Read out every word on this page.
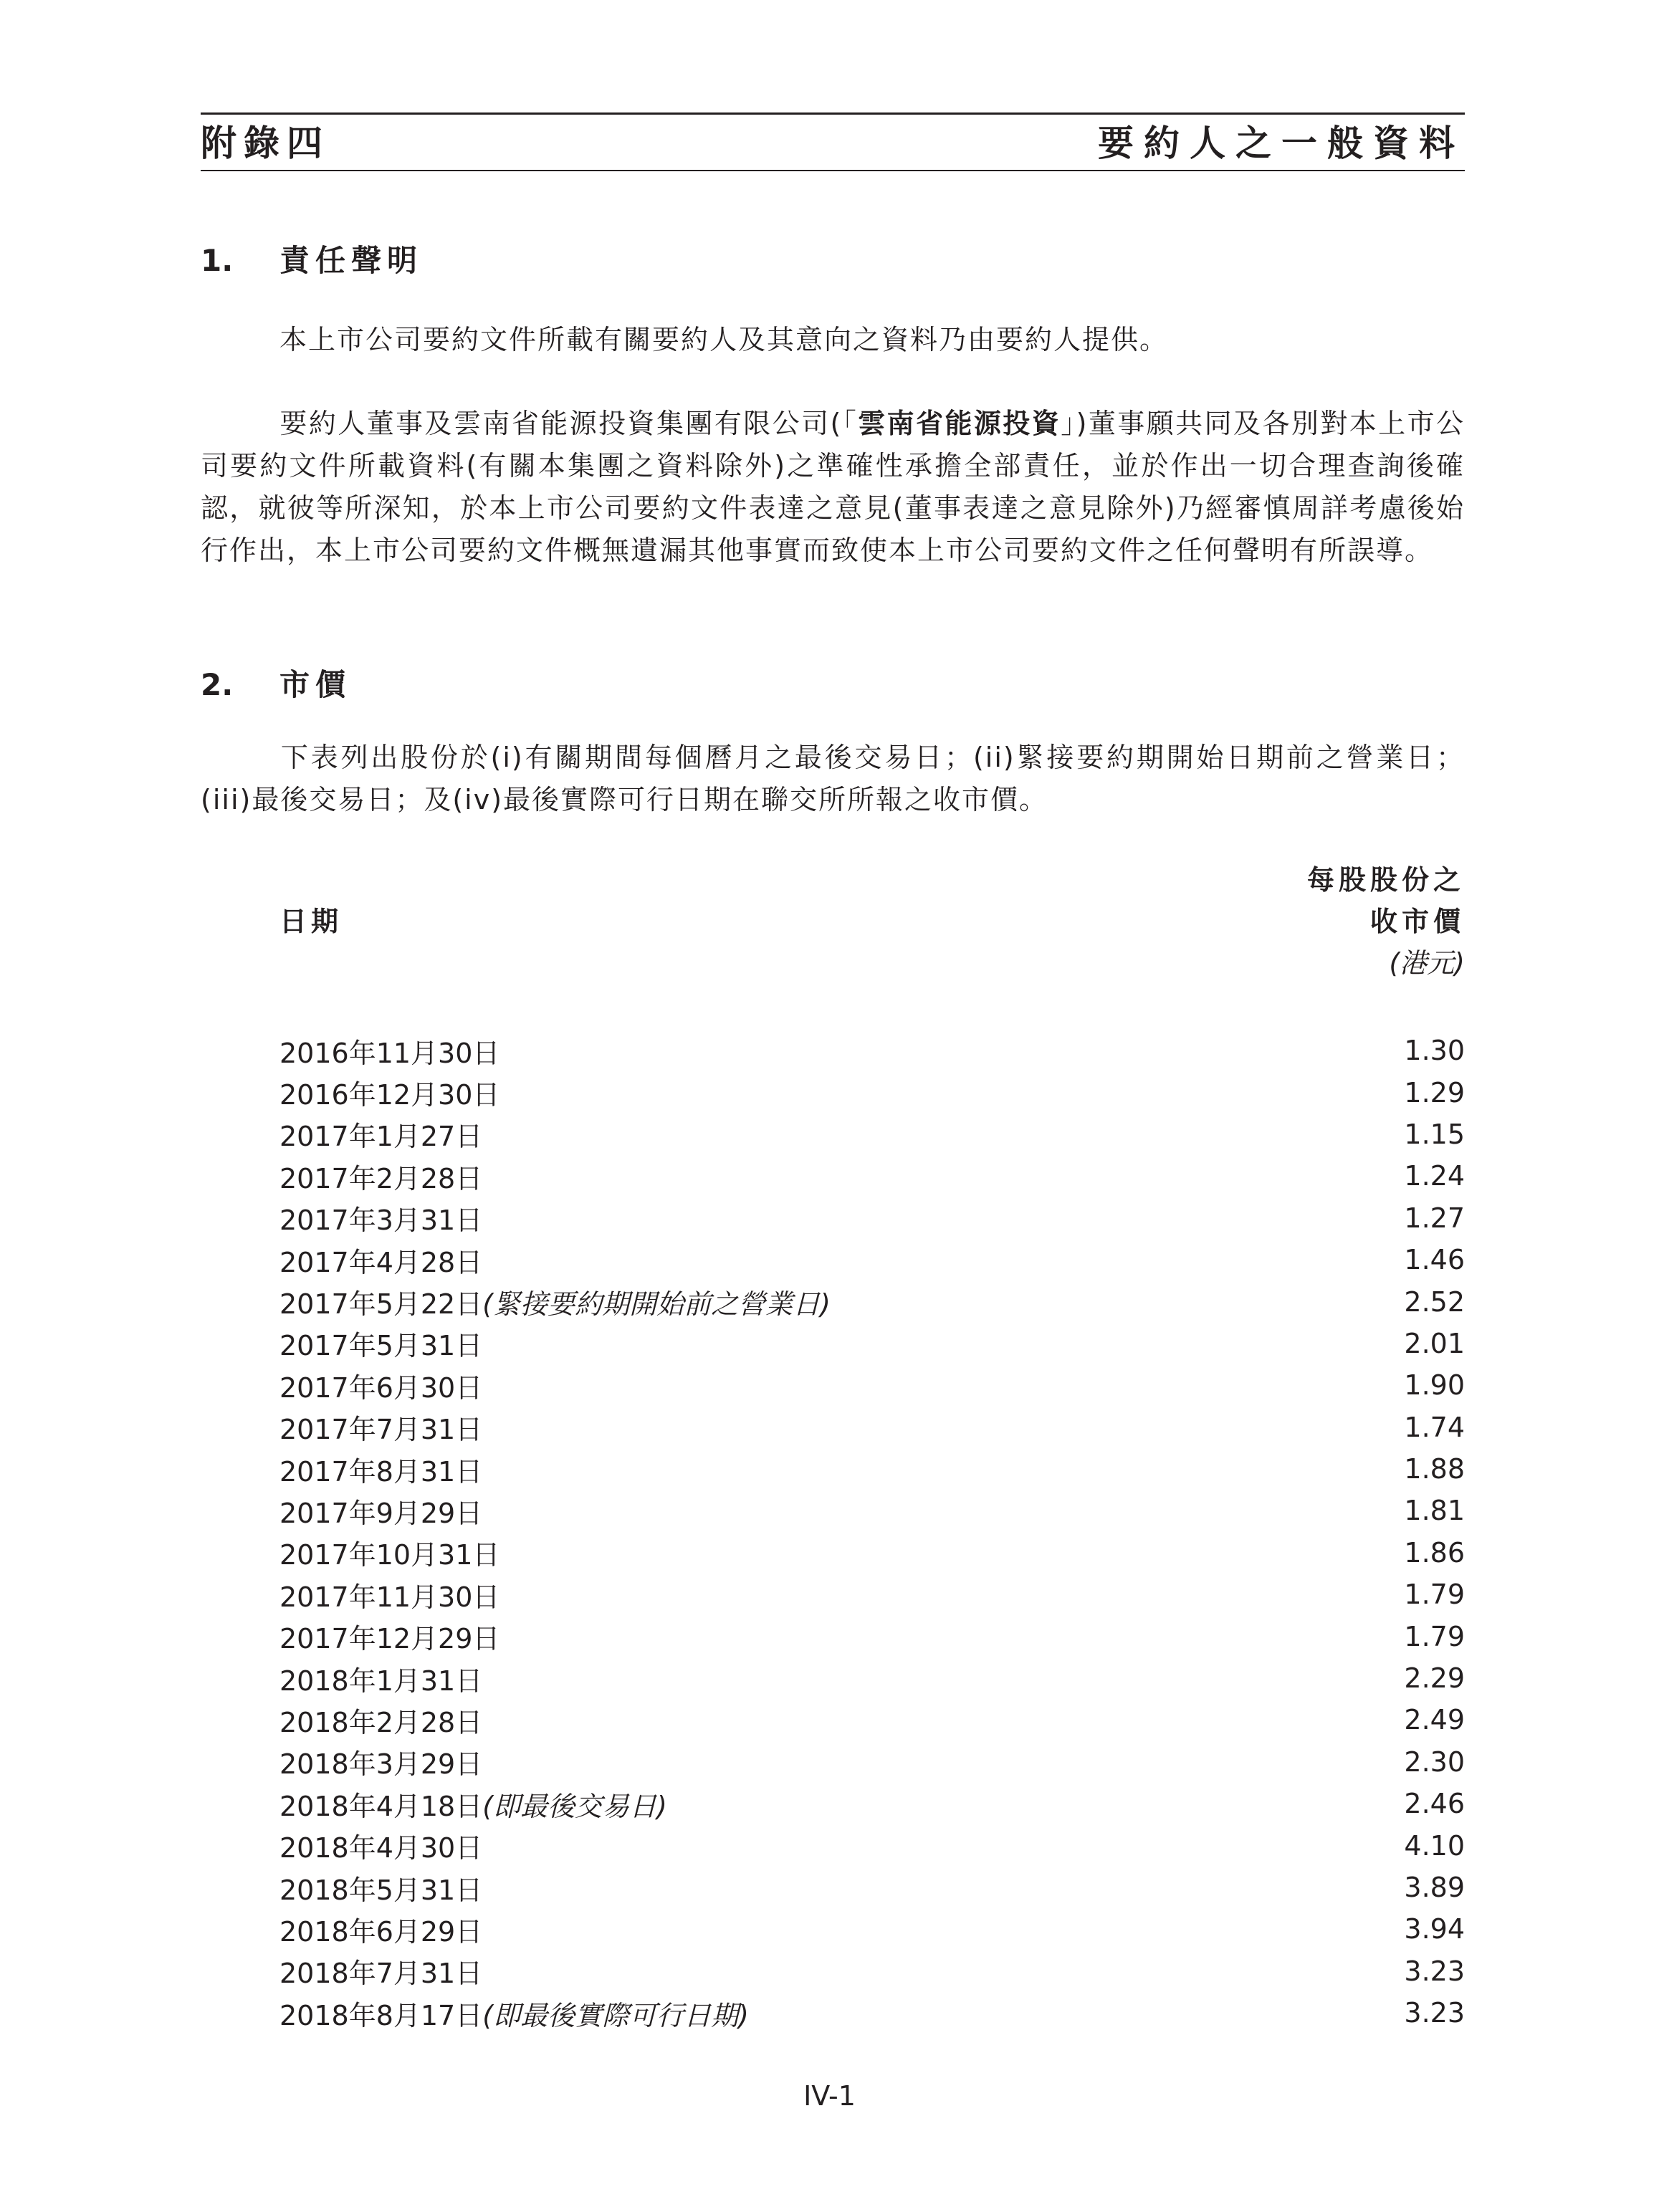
附錄四	要約人之一般資料
1. 責任聲明
本上市公司要約文件所載有關要約人及其意向之資料乃由要約人提供。
要約人董事及雲南省能源投資集團有限公司(「雲南省能源投資」)董事願共同及各別對本上市公司要約文件所載資料(有關本集團之資料除外)之準確性承擔全部責任，並於作出一切合理查詢後確認，就彼等所深知，於本上市公司要約文件表達之意見(董事表達之意見除外)乃經審慎周詳考慮後始行作出，本上市公司要約文件概無遺漏其他事實而致使本上市公司要約文件之任何聲明有所誤導。
2. 市價
下表列出股份於(i)有關期間每個曆月之最後交易日；(ii)緊接要約期開始日期前之營業日；(iii)最後交易日；及(iv)最後實際可行日期在聯交所所報之收市價。
每股股份之
日期	收市價
(港元)
2016年11月30日	1.30
2016年12月30日	1.29
2017年1月27日	1.15
2017年2月28日	1.24
2017年3月31日	1.27
2017年4月28日	1.46
2017年5月22日(緊接要約期開始前之營業日)	2.52
2017年5月31日	2.01
2017年6月30日	1.90
2017年7月31日	1.74
2017年8月31日	1.88
2017年9月29日	1.81
2017年10月31日	1.86
2017年11月30日	1.79
2017年12月29日	1.79
2018年1月31日	2.29
2018年2月28日	2.49
2018年3月29日	2.30
2018年4月18日(即最後交易日)	2.46
2018年4月30日	4.10
2018年5月31日	3.89
2018年6月29日	3.94
2018年7月31日	3.23
2018年8月17日(即最後實際可行日期)	3.23
IV-1
